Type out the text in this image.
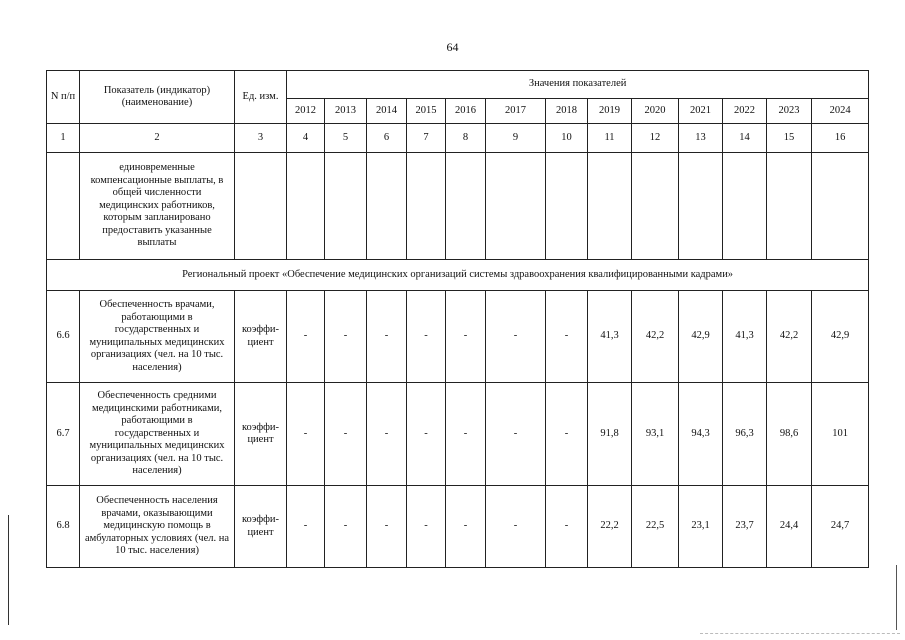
64
N п/п	Показатель (индикатор) (наименование)	Ед. изм.	Значения показателей												
			2012	2013	2014	2015	2016	2017	2018	2019	2020	2021	2022	2023	2024
1	2	3	4	5	6	7	8	9	10	11	12	13	14	15	16
	единовременные компенсационные выплаты, в общей численности медицинских работников, которым запланировано предоставить указанные выплаты														
Региональный проект «Обеспечение медицинских организаций системы здравоохранения квалифицированными кадрами»															
6.6	Обеспеченность врачами, работающими в государственных и муниципальных медицинских организациях (чел. на 10 тыс. населения)	коэффи-циент	-	-	-	-	-	-	-	41,3	42,2	42,9	41,3	42,2	42,9
6.7	Обеспеченность средними медицинскими работниками, работающими в государственных и муниципальных медицинских организациях (чел. на 10 тыс. населения)	коэффи-циент	-	-	-	-	-	-	-	91,8	93,1	94,3	96,3	98,6	101
6.8	Обеспеченность населения врачами, оказывающими медицинскую помощь в амбулаторных условиях (чел. на 10 тыс. населения)	коэффи-циент	-	-	-	-	-	-	-	22,2	22,5	23,1	23,7	24,4	24,7
